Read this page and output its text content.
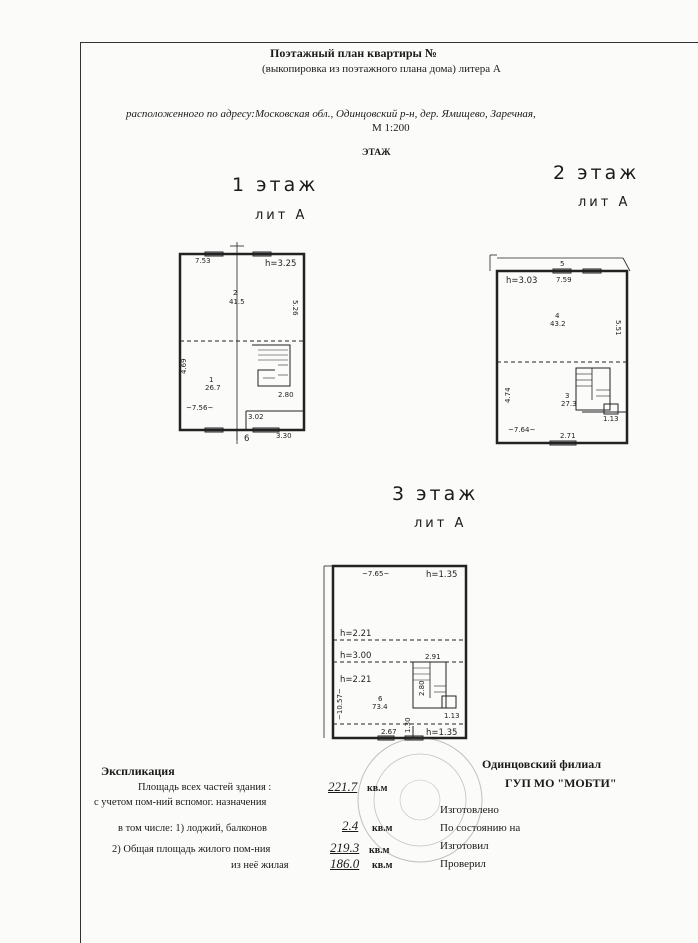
Поэтажный план квартиры №
(выкопировка из поэтажного плана дома) литера А
расположенного по адресу:Московская обл., Одинцовский р-н, дер. Ямищево, Заречная,
М 1:200
ЭТАЖ
1 этаж
лит А
2 этаж
лит А
3 этаж
лит А
7.53	h=3.25
2
41.5	5.26
4.69
1
26.7
2.80
~7.56~
3.02
3.30
6
5
h=3.03	7.59
4
43.2	5.51
4.74	3
27.3
~7.64~
2.71
1.13
~7.65~	h=1.35
h=2.21
h=3.00
h=2.21
2.91
2.80
~10.57~	6
73.4
1.13
2.67 1.30 h=1.35
Экспликация
Площадь всех частей здания :
с учетом пом-ний вспомог. назначения
221.7 кв.м
в том числе: 1) лоджий, балконов	2.4 кв.м
2) Общая площадь жилого пом-ния	219.3 кв.м
из неё жилая	186.0 кв.м
Одинцовский филиал
ГУП МО "МОБТИ"
Изготовлено
По состоянию на
Изготовил
Проверил
